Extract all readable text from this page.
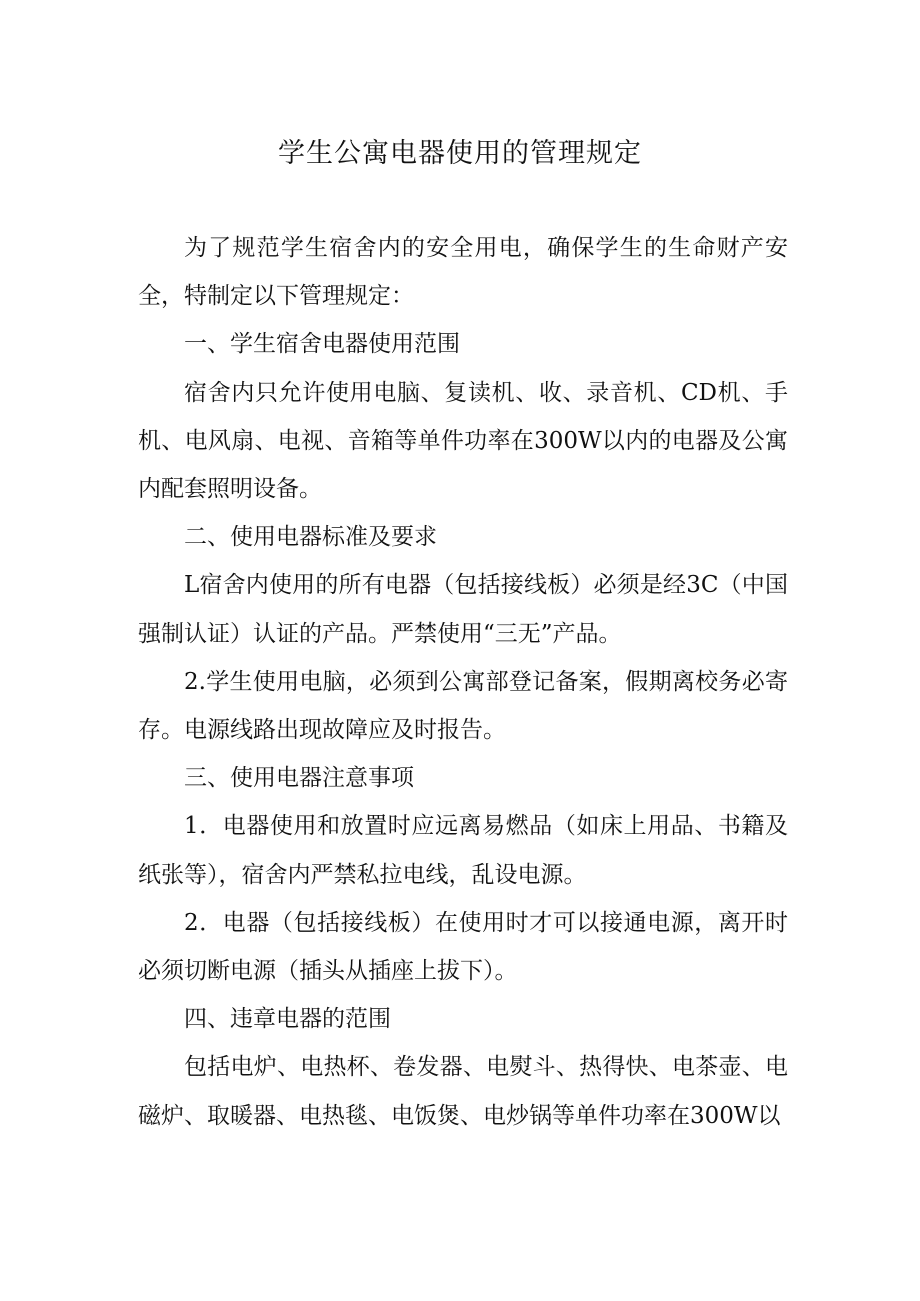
学生公寓电器使用的管理规定

为了规范学生宿舍内的安全用电，确保学生的生命财产安全，特制定以下管理规定：

一、学生宿舍电器使用范围

宿舍内只允许使用电脑、复读机、收、录音机、CD机、手机、电风扇、电视、音箱等单件功率在300W以内的电器及公寓内配套照明设备。

二、使用电器标准及要求

L宿舍内使用的所有电器（包括接线板）必须是经3C（中国 强制认证）认证的产品。严禁使用“三无”产品。

2.学生使用电脑，必须到公寓部登记备案，假期离校务必寄存。电源线路出现故障应及时报告。

三、使用电器注意事项

1．电器使用和放置时应远离易燃品（如床上用品、书籍及纸张等），宿舍内严禁私拉电线，乱设电源。

2．电器（包括接线板）在使用时才可以接通电源，离开时必须切断电源（插头从插座上拔下）。

四、违章电器的范围

包括电炉、电热杯、卷发器、电熨斗、热得快、电茶壶、电磁炉、取暖器、电热毯、电饭煲、电炒锅等单件功率在300W以
